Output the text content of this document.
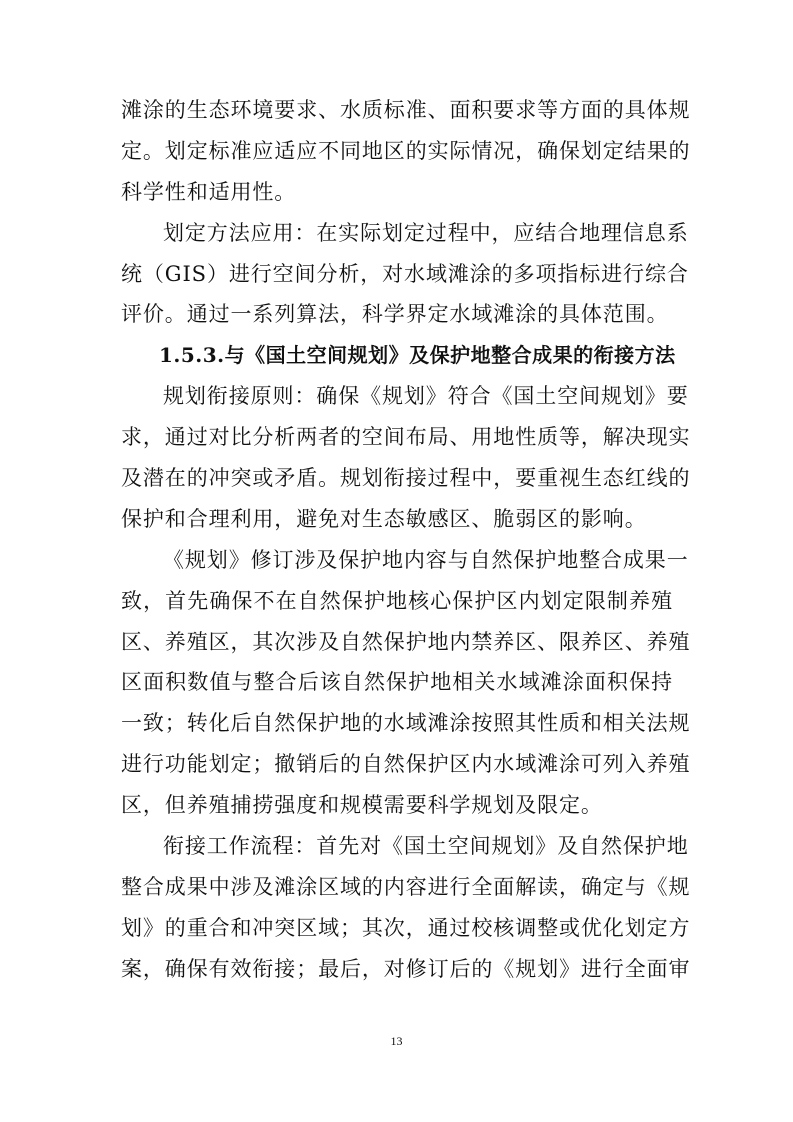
滩涂的生态环境要求、水质标准、面积要求等方面的具体规
定。划定标准应适应不同地区的实际情况，确保划定结果的
科学性和适用性。
划定方法应用：在实际划定过程中，应结合地理信息系
统（GIS）进行空间分析，对水域滩涂的多项指标进行综合
评价。通过一系列算法，科学界定水域滩涂的具体范围。
1.5.3.与《国土空间规划》及保护地整合成果的衔接方法
规划衔接原则：确保《规划》符合《国土空间规划》要
求，通过对比分析两者的空间布局、用地性质等，解决现实
及潜在的冲突或矛盾。规划衔接过程中，要重视生态红线的
保护和合理利用，避免对生态敏感区、脆弱区的影响。
《规划》修订涉及保护地内容与自然保护地整合成果一
致，首先确保不在自然保护地核心保护区内划定限制养殖
区、养殖区，其次涉及自然保护地内禁养区、限养区、养殖
区面积数值与整合后该自然保护地相关水域滩涂面积保持
一致；转化后自然保护地的水域滩涂按照其性质和相关法规
进行功能划定；撤销后的自然保护区内水域滩涂可列入养殖
区，但养殖捕捞强度和规模需要科学规划及限定。
衔接工作流程：首先对《国土空间规划》及自然保护地
整合成果中涉及滩涂区域的内容进行全面解读，确定与《规
划》的重合和冲突区域；其次，通过校核调整或优化划定方
案，确保有效衔接；最后，对修订后的《规划》进行全面审
13
